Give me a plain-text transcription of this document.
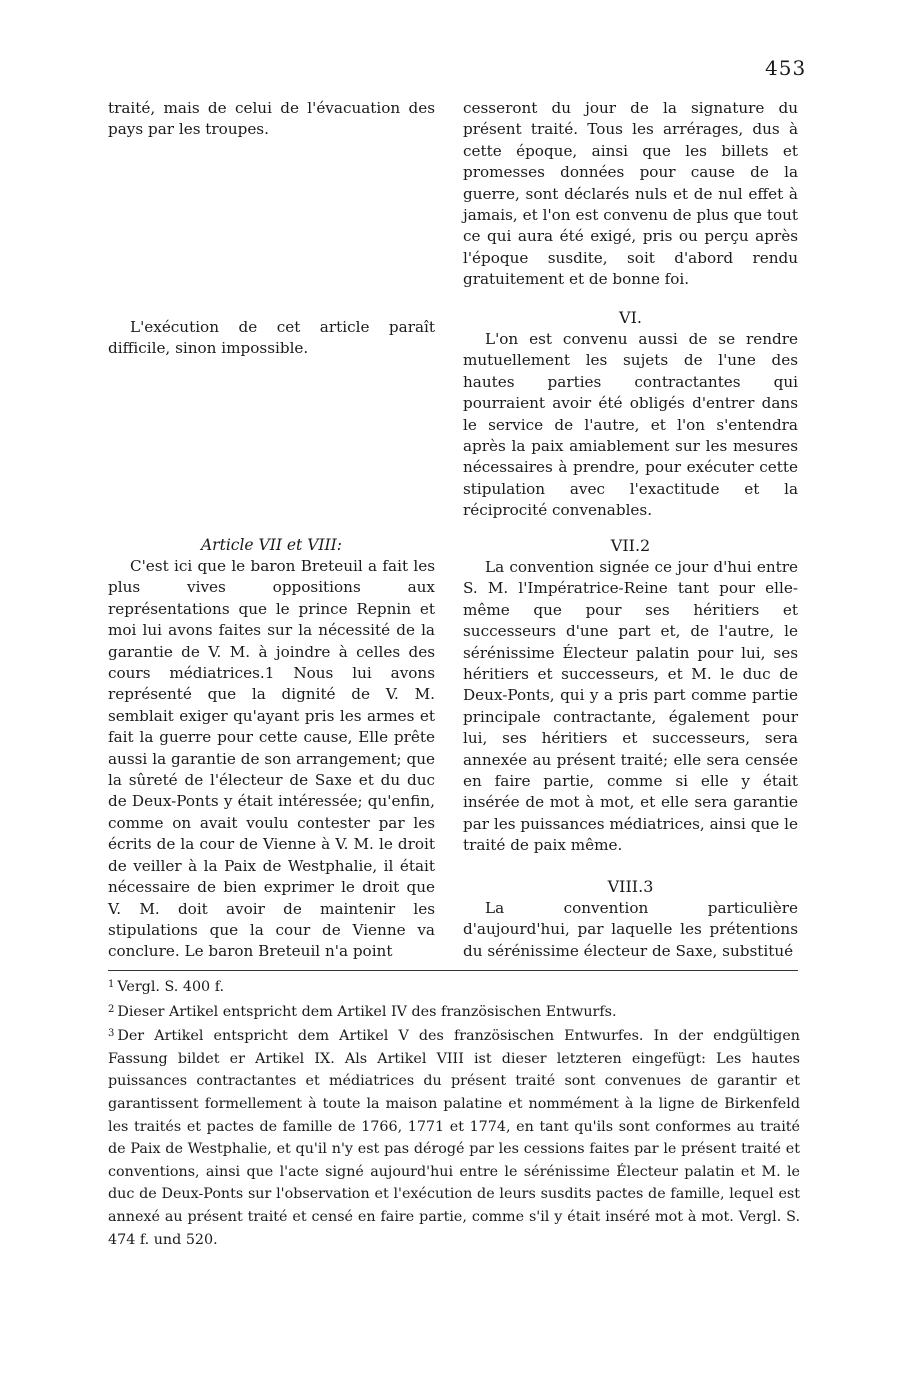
453

traité, mais de celui de l'évacuation des pays par les troupes.

L'exécution de cet article paraît difficile, sinon impossible.

Article VII et VIII:

C'est ici que le baron Breteuil a fait les plus vives oppositions aux représentations que le prince Repnin et moi lui avons faites sur la nécessité de la garantie de V. M. à joindre à celles des cours médiatrices.1 Nous lui avons représenté que la dignité de V. M. semblait exiger qu'ayant pris les armes et fait la guerre pour cette cause, Elle prête aussi la garantie de son arrangement; que la sûreté de l'électeur de Saxe et du duc de Deux-Ponts y était intéressée; qu'enfin, comme on avait voulu contester par les écrits de la cour de Vienne à V. M. le droit de veiller à la Paix de Westphalie, il était nécessaire de bien exprimer le droit que V. M. doit avoir de maintenir les stipulations que la cour de Vienne va conclure. Le baron Breteuil n'a point

cesseront du jour de la signature du présent traité. Tous les arrérages, dus à cette époque, ainsi que les billets et promesses données pour cause de la guerre, sont déclarés nuls et de nul effet à jamais, et l'on est convenu de plus que tout ce qui aura été exigé, pris ou perçu après l'époque susdite, soit d'abord rendu gratuitement et de bonne foi.

VI.

L'on est convenu aussi de se rendre mutuellement les sujets de l'une des hautes parties contractantes qui pourraient avoir été obligés d'entrer dans le service de l'autre, et l'on s'entendra après la paix amiablement sur les mesures nécessaires à prendre, pour exécuter cette stipulation avec l'exactitude et la réciprocité convenables.

VII.2

La convention signée ce jour d'hui entre S. M. l'Impératrice-Reine tant pour elle-même que pour ses héritiers et successeurs d'une part et, de l'autre, le sérénissime Électeur palatin pour lui, ses héritiers et successeurs, et M. le duc de Deux-Ponts, qui y a pris part comme partie principale contractante, également pour lui, ses héritiers et successeurs, sera annexée au présent traité; elle sera censée en faire partie, comme si elle y était insérée de mot à mot, et elle sera garantie par les puissances médiatrices, ainsi que le traité de paix même.

VIII.3

La convention particulière d'aujourd'hui, par laquelle les prétentions du sérénissime électeur de Saxe, substitué

$^1$ Vergl. S. 400 f.

$^2$ Dieser Artikel entspricht dem Artikel IV des französischen Entwurfs.

$^3$ Der Artikel entspricht dem Artikel V des französischen Entwurfes. In der endgültigen Fassung bildet er Artikel IX. Als Artikel VIII ist dieser letzteren eingefügt: Les hautes puissances contractantes et médiatrices du présent traité sont convenues de garantir et garantissent formellement à toute la maison palatine et nommément à la ligne de Birkenfeld les traités et pactes de famille de 1766, 1771 et 1774, en tant qu'ils sont conformes au traité de Paix de Westphalie, et qu'il n'y est pas dérogé par les cessions faites par le présent traité et conventions, ainsi que l'acte signé aujourd'hui entre le sérénissime Électeur palatin et M. le duc de Deux-Ponts sur l'observation et l'exécution de leurs susdits pactes de famille, lequel est annexé au présent traité et censé en faire partie, comme s'il y était inséré mot à mot. Vergl. S. 474 f. und 520.
